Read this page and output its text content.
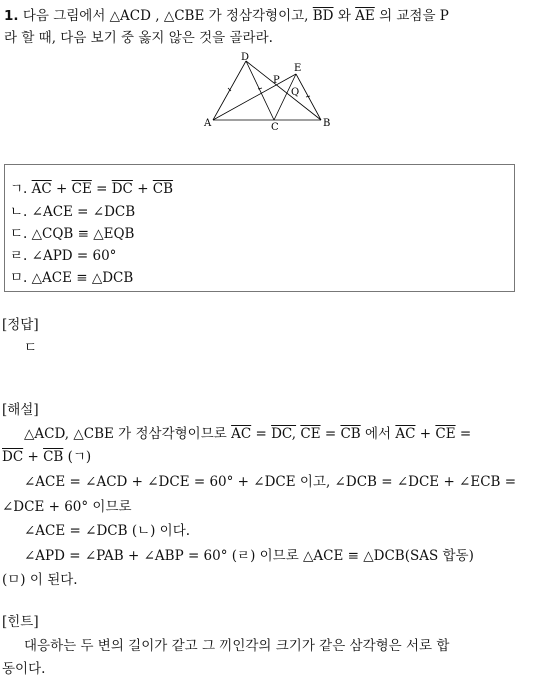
1. 다음 그림에서 △ACD , △CBE 가 정삼각형이고, $\overline{BD}$ 와 $\overline{AE}$ 의 교점을 P
라 할 때, 다음 보기 중 옳지 않은 것을 골라라.
D
E
P
Q
A	C	B
ㄱ. $\overline{AC} + \overline{CE} = \overline{DC} + \overline{CB}$
ㄴ. ∠ACE = ∠DCB
ㄷ. △CQB ≡ △EQB
ㄹ. ∠APD = 60°
ㅁ. △ACE ≡ △DCB
[정답]
ㄷ
[해설]
△ACD, △CBE 가 정삼각형이므로 $\overline{AC}$ = DC, $\overline{CE} = \overline{CB}$ 에서 $\overline{AC} + \overline{CE}$ =
$\overline{DC} + \overline{CB}$ (ㄱ)
∠ACE = ∠ACD + ∠DCE = 60° + ∠DCE 이고, ∠DCB = ∠DCE + ∠ECB =
∠DCE + 60° 이므로
∠ACE = ∠DCB (ㄴ) 이다.
∠APD = ∠PAB + ∠ABP = 60° (ㄹ) 이므로 △ACE ≡ △DCB(SAS 합동)
(ㅁ) 이 된다.
[힌트]
대응하는 두 변의 길이가 같고 그 끼인각의 크기가 같은 삼각형은 서로 합
동이다.
